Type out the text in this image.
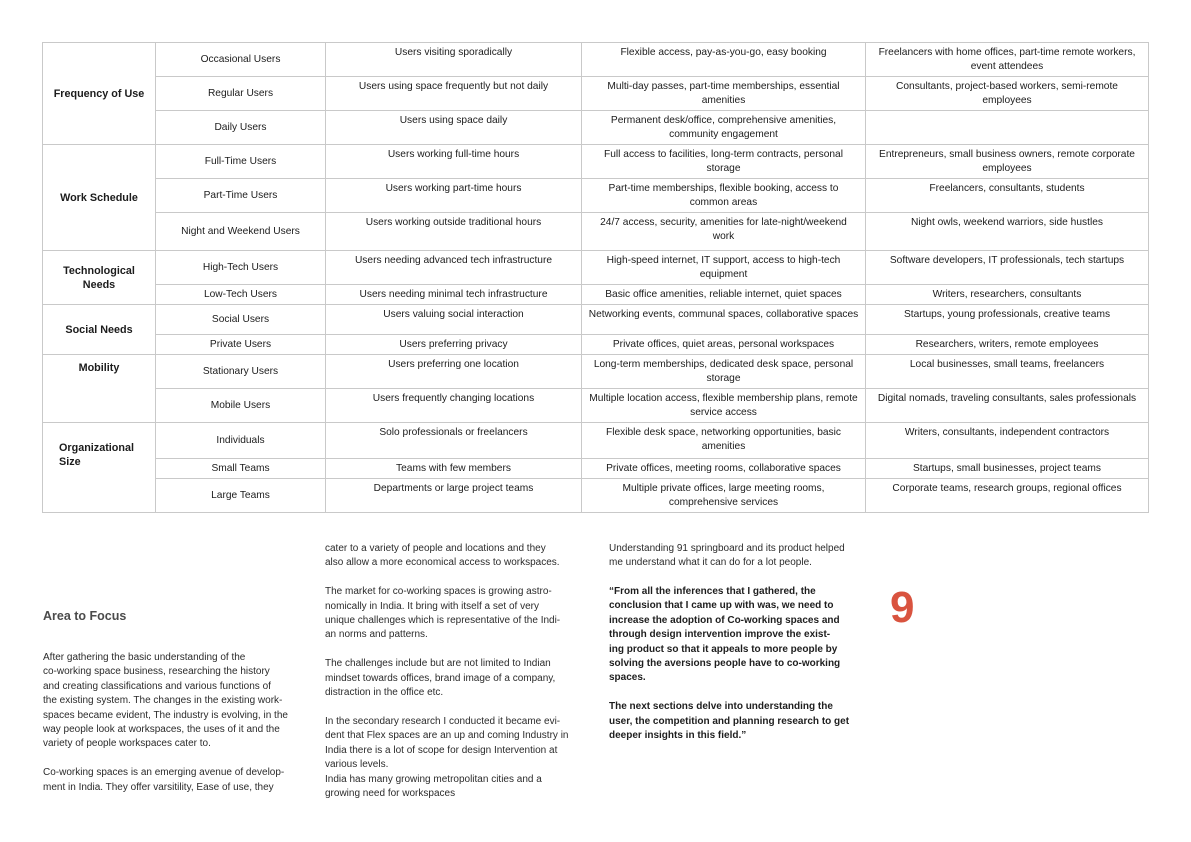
Frequency of Use	Occasional Users	Users visiting sporadically	Flexible access, pay-as-you-go, easy booking	Freelancers with home offices, part-time remote workers, event attendees
	Regular Users	Users using space frequently but not daily	Multi-day passes, part-time memberships, essential amenities	Consultants, project-based workers, semi-remote employees
	Daily Users	Users using space daily	Permanent desk/office, comprehensive amenities, community engagement	
Work Schedule	Full-Time Users	Users working full-time hours	Full access to facilities, long-term contracts, personal storage	Entrepreneurs, small business owners, remote corporate employees
	Part-Time Users	Users working part-time hours	Part-time memberships, flexible booking, access to common areas	Freelancers, consultants, students
	Night and Weekend Users	Users working outside traditional hours	24/7 access, security, amenities for late-night/weekend work	Night owls, weekend warriors, side hustles
Technological Needs	High-Tech Users	Users needing advanced tech infrastructure	High-speed internet, IT support, access to high-tech equipment	Software developers, IT professionals, tech startups
	Low-Tech Users	Users needing minimal tech infrastructure	Basic office amenities, reliable internet, quiet spaces	Writers, researchers, consultants
Social Needs	Social Users	Users valuing social interaction	Networking events, communal spaces, collaborative spaces	Startups, young professionals, creative teams
	Private Users	Users preferring privacy	Private offices, quiet areas, personal workspaces	Researchers, writers, remote employees
Mobility	Stationary Users	Users preferring one location	Long-term memberships, dedicated desk space, personal storage	Local businesses, small teams, freelancers
	Mobile Users	Users frequently changing locations	Multiple location access, flexible membership plans, remote service access	Digital nomads, traveling consultants, sales professionals
Organizational Size	Individuals	Solo professionals or freelancers	Flexible desk space, networking opportunities, basic amenities	Writers, consultants, independent contractors
	Small Teams	Teams with few members	Private offices, meeting rooms, collaborative spaces	Startups, small businesses, project teams
	Large Teams	Departments or large project teams	Multiple private offices, large meeting rooms, comprehensive services	Corporate teams, research groups, regional offices
Area to Focus

After gathering the basic understanding of the
co-working space business, researching the history
and creating classifications and various functions of
the existing system. The changes in the existing work-
spaces became evident, The industry is evolving, in the
way people look at workspaces, the uses of it and the
variety of people workspaces cater to.

Co-working spaces is an emerging avenue of develop-
ment in India. They offer varsitility, Ease of use, they

cater to a variety of people and locations and they
also allow a more economical access to workspaces.

The market for co-working spaces is growing astro-
nomically in India. It bring with itself a set of very
unique challenges which is representative of the Indi-
an norms and patterns.

The challenges include but are not limited to Indian
mindset towards offices, brand image of a company,
distraction in the office etc.

In the secondary research I conducted it became evi-
dent that Flex spaces are an up and coming Industry in
India there is a lot of scope for design Intervention at
various levels.
India has many growing metropolitan cities and a
growing need for workspaces

Understanding 91 springboard and its product helped
me understand what it can do for a lot people.

“From all the inferences that I gathered, the
conclusion that I came up with was, we need to
increase the adoption of Co-working spaces and
through design intervention improve the exist-
ing product so that it appeals to more people by
solving the aversions people have to co-working
spaces.

The next sections delve into understanding the
user, the competition and planning research to get
deeper insights in this field.”

9
